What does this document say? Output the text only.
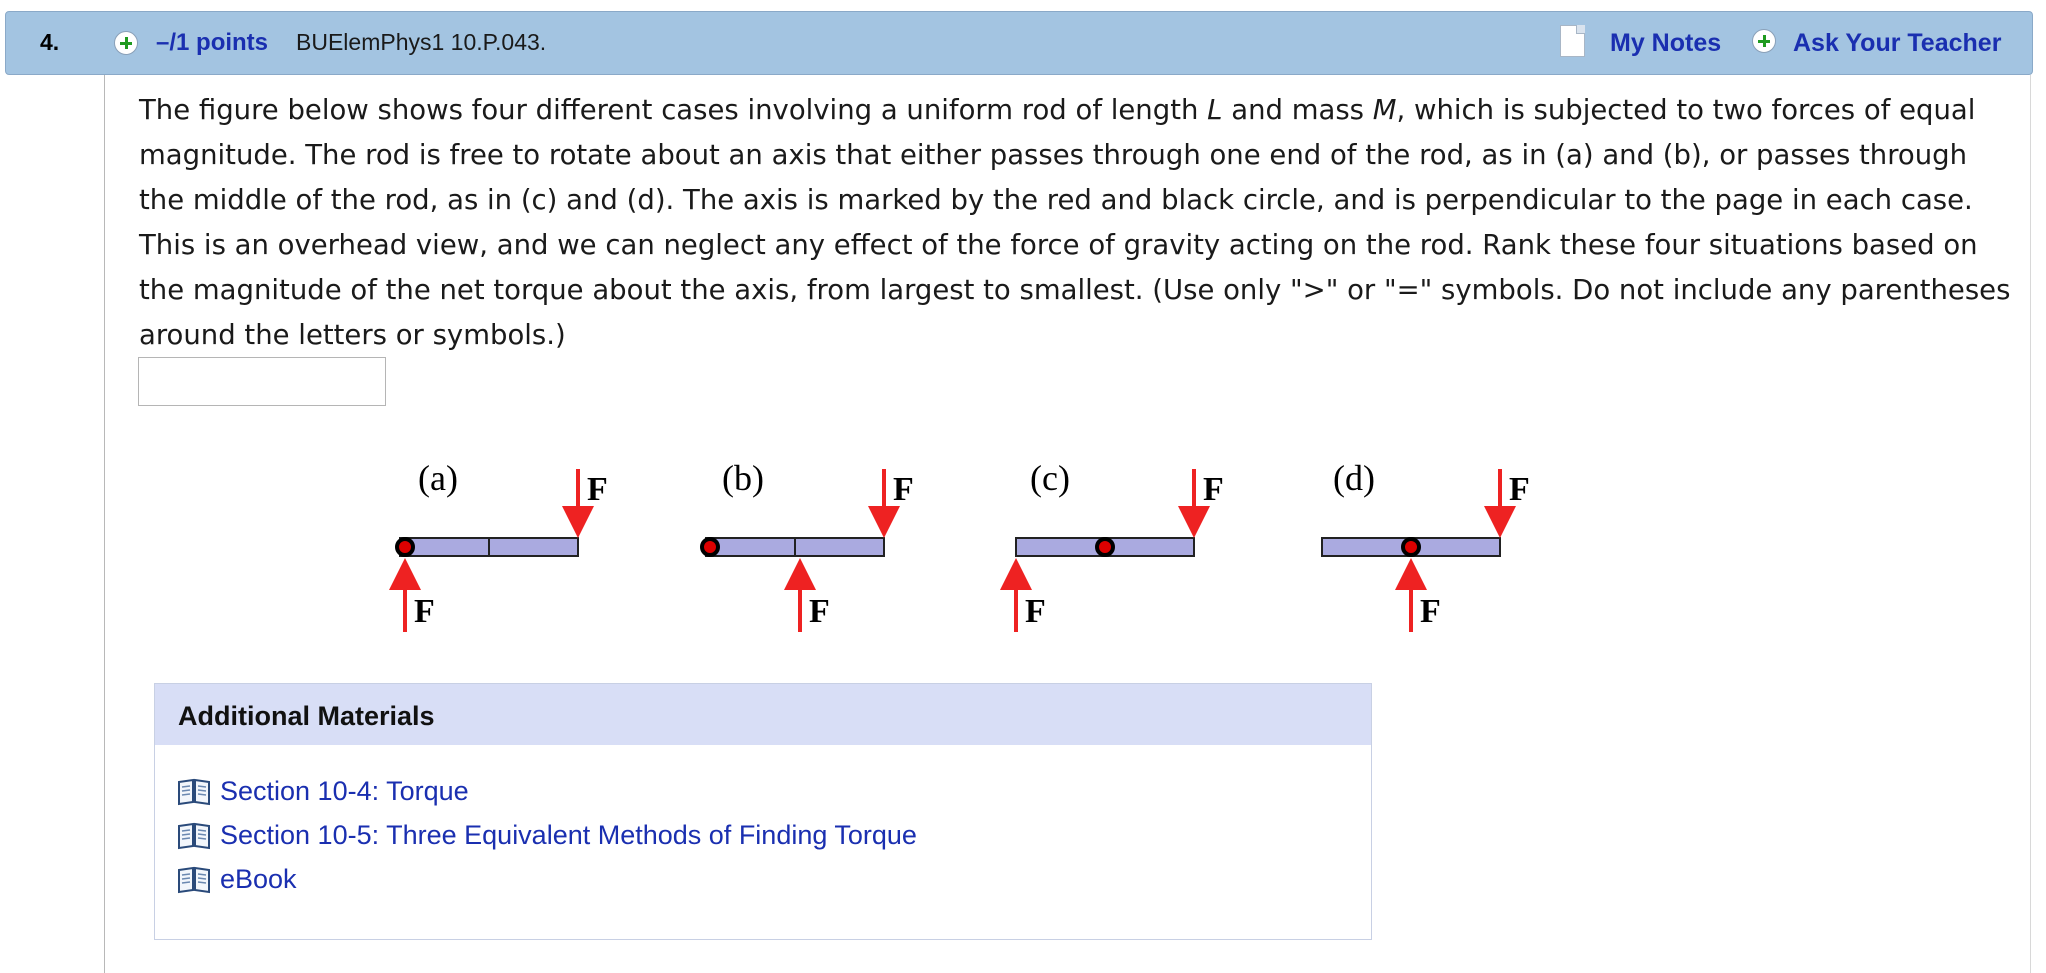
4.	–/1 points BUElemPhys1 10.P.043.	My Notes	Ask Your Teacher
The figure below shows four different cases involving a uniform rod of length L and mass M, which is subjected to two forces of equal magnitude. The rod is free to rotate about an axis that either passes through one end of the rod, as in (a) and (b), or passes through the middle of the rod, as in (c) and (d). The axis is marked by the red and black circle, and is perpendicular to the page in each case. This is an overhead view, and we can neglect any effect of the force of gravity acting on the rod. Rank these four situations based on the magnitude of the net torque about the axis, from largest to smallest. (Use only ">" or "=" symbols. Do not include any parentheses around the letters or symbols.)
(a)	F
F
(b)	F
F
(c)	F
F
(d)	F
F
Additional Materials
Section 10-4: Torque
Section 10-5: Three Equivalent Methods of Finding Torque
eBook
